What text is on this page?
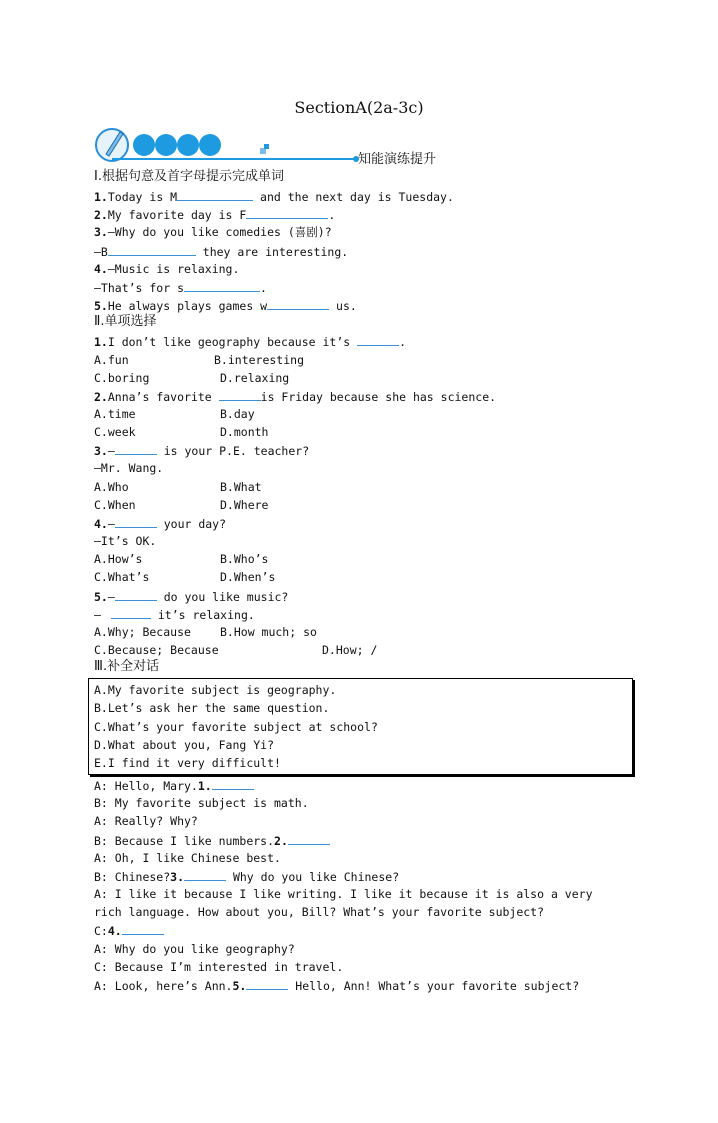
SectionA(2a-3c)
知能演练提升
Ⅰ.根据句意及首字母提示完成单词
1.Today is M	and the next day is Tuesday.
2.My favorite day is F	.
3.—Why do you like comedies (喜剧)?
—B	they are interesting.
4.—Music is relaxing.
—That’s for s	.
5.He always plays games w	us.
Ⅱ.单项选择
1.I don’t like geography because it’s	.
A.fun	B.interesting
C.boring	D.relaxing
2.Anna’s favorite	is Friday because she has science.
A.time	B.day
C.week	D.month
3.—	is your P.E. teacher?
—Mr. Wang.
A.Who	B.What
C.When	D.Where
4.—	your day?
—It’s OK.
A.How’s	B.Who’s
C.What’s	D.When’s
5.—	do you like music?
—	it’s relaxing.
A.Why; Because	B.How much; so
C.Because; Because	D.How; /
Ⅲ.补全对话
A.My favorite subject is geography.
B.Let’s ask her the same question.
C.What’s your favorite subject at school?
D.What about you, Fang Yi?
E.I find it very difficult!
A: Hello, Mary.1.
B: My favorite subject is math.
A: Really? Why?
B: Because I like numbers.2.
A: Oh, I like Chinese best.
B: Chinese?3.	Why do you like Chinese?
A: I like it because I like writing. I like it because it is also a very
rich language. How about you, Bill? What’s your favorite subject?
C:4.
A: Why do you like geography?
C: Because I’m interested in travel.
A: Look, here’s Ann.5.	Hello, Ann! What’s your favorite subject?
